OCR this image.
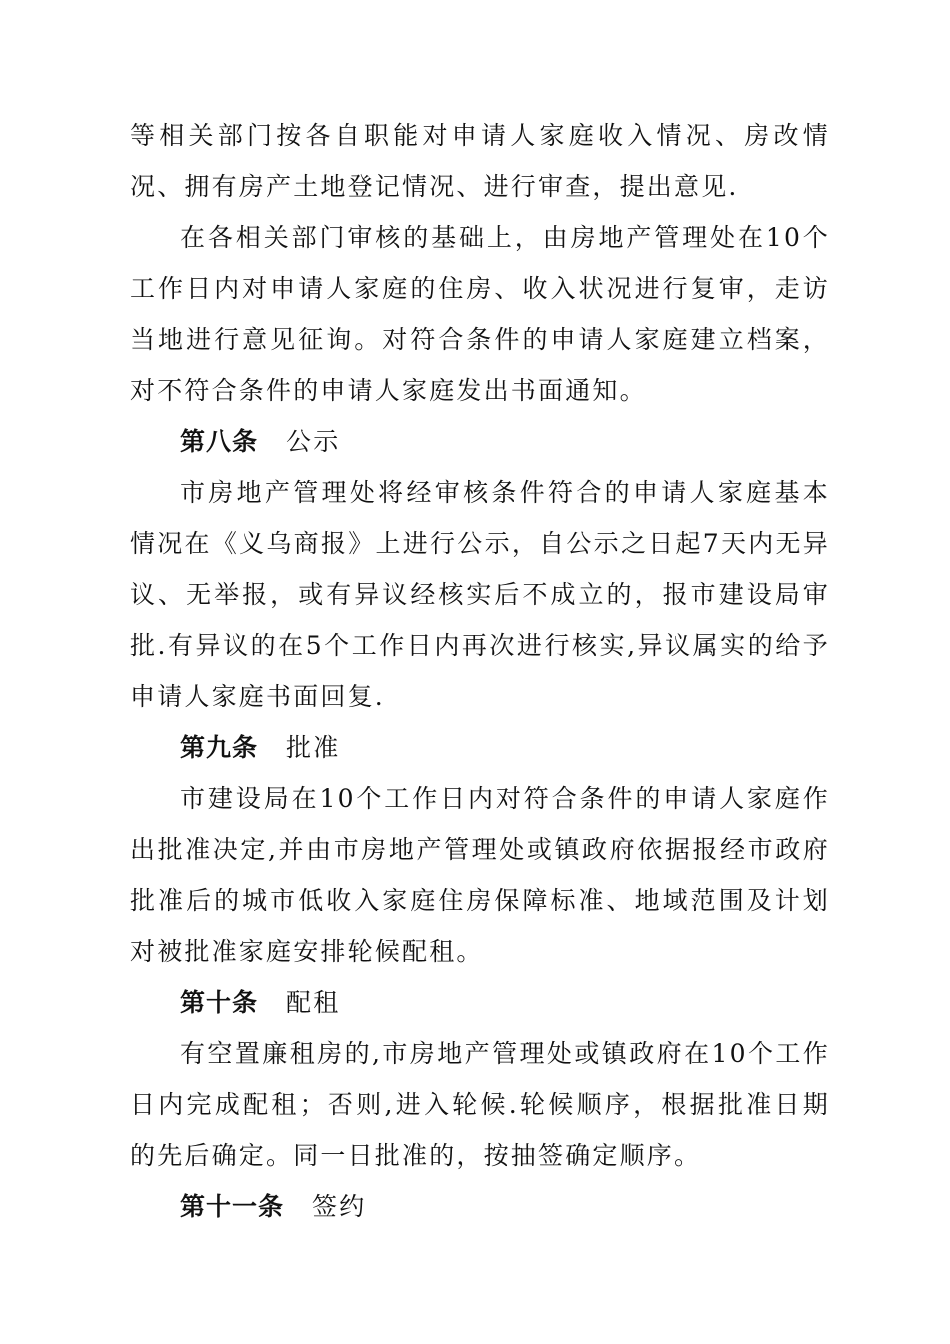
等相关部门按各自职能对申请人家庭收入情况、房改情况、拥有房产土地登记情况、进行审查，提出意见.

在各相关部门审核的基础上，由房地产管理处在10个工作日内对申请人家庭的住房、收入状况进行复审，走访当地进行意见征询。对符合条件的申请人家庭建立档案，对不符合条件的申请人家庭发出书面通知。

第八条 公示

市房地产管理处将经审核条件符合的申请人家庭基本情况在《义乌商报》上进行公示，自公示之日起7天内无异议、无举报，或有异议经核实后不成立的，报市建设局审批.有异议的在5个工作日内再次进行核实,异议属实的给予申请人家庭书面回复.

第九条 批准

市建设局在10个工作日内对符合条件的申请人家庭作出批准决定,并由市房地产管理处或镇政府依据报经市政府批准后的城市低收入家庭住房保障标准、地域范围及计划对被批准家庭安排轮候配租。

第十条 配租

有空置廉租房的,市房地产管理处或镇政府在10个工作日内完成配租；否则,进入轮候.轮候顺序，根据批准日期的先后确定。同一日批准的，按抽签确定顺序。

第十一条 签约
